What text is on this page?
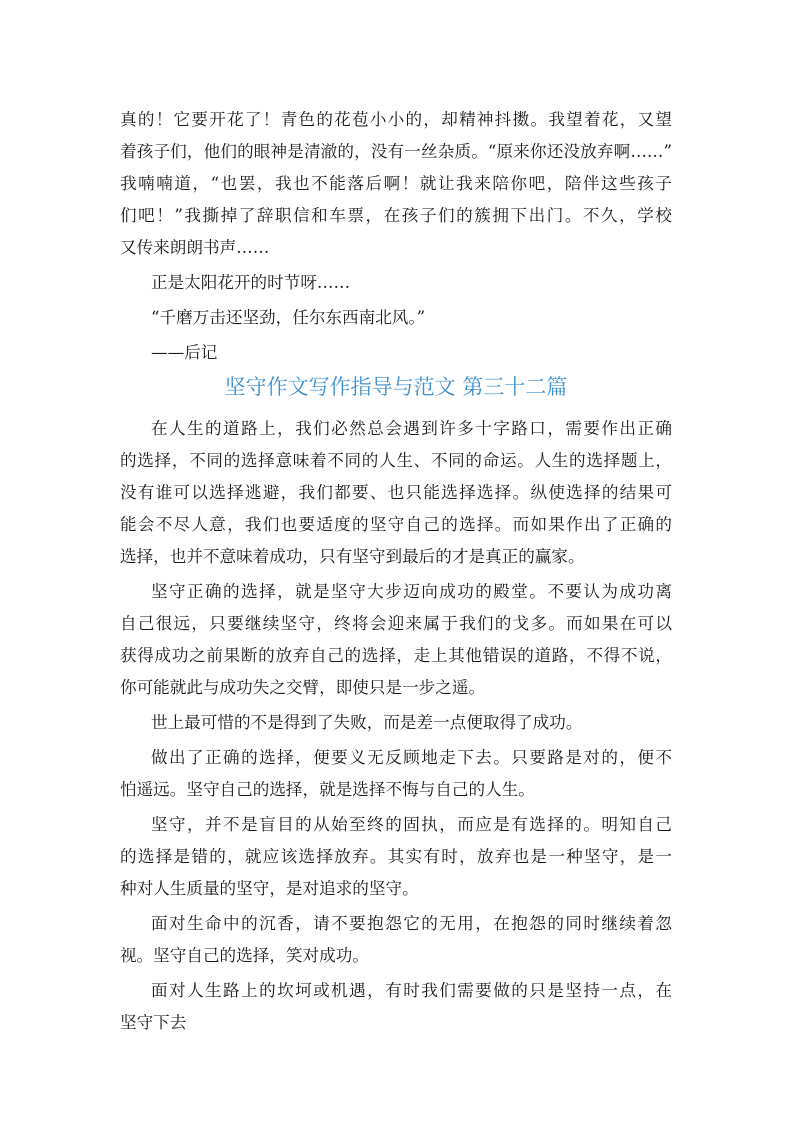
真的！它要开花了！青色的花苞小小的，却精神抖擞。我望着花，又望
着孩子们，他们的眼神是清澈的，没有一丝杂质。“原来你还没放弃啊……”
我喃喃道，“也罢，我也不能落后啊！就让我来陪你吧，陪伴这些孩子
们吧！”我撕掉了辞职信和车票，在孩子们的簇拥下出门。不久，学校
又传来朗朗书声……
正是太阳花开的时节呀……
“千磨万击还坚劲，任尔东西南北风。”
——后记
坚守作文写作指导与范文 第三十二篇
在人生的道路上，我们必然总会遇到许多十字路口，需要作出正确
的选择，不同的选择意味着不同的人生、不同的命运。人生的选择题上，
没有谁可以选择逃避，我们都要、也只能选择选择。纵使选择的结果可
能会不尽人意，我们也要适度的坚守自己的选择。而如果作出了正确的
选择，也并不意味着成功，只有坚守到最后的才是真正的赢家。
坚守正确的选择，就是坚守大步迈向成功的殿堂。不要认为成功离
自己很远，只要继续坚守，终将会迎来属于我们的戈多。而如果在可以
获得成功之前果断的放弃自己的选择，走上其他错误的道路，不得不说，
你可能就此与成功失之交臂，即使只是一步之遥。
世上最可惜的不是得到了失败，而是差一点便取得了成功。
做出了正确的选择，便要义无反顾地走下去。只要路是对的，便不
怕遥远。坚守自己的选择，就是选择不悔与自己的人生。
坚守，并不是盲目的从始至终的固执，而应是有选择的。明知自己
的选择是错的，就应该选择放弃。其实有时，放弃也是一种坚守，是一
种对人生质量的坚守，是对追求的坚守。
面对生命中的沉香，请不要抱怨它的无用，在抱怨的同时继续着忽
视。坚守自己的选择，笑对成功。
面对人生路上的坎坷或机遇，有时我们需要做的只是坚持一点，在
坚守下去
